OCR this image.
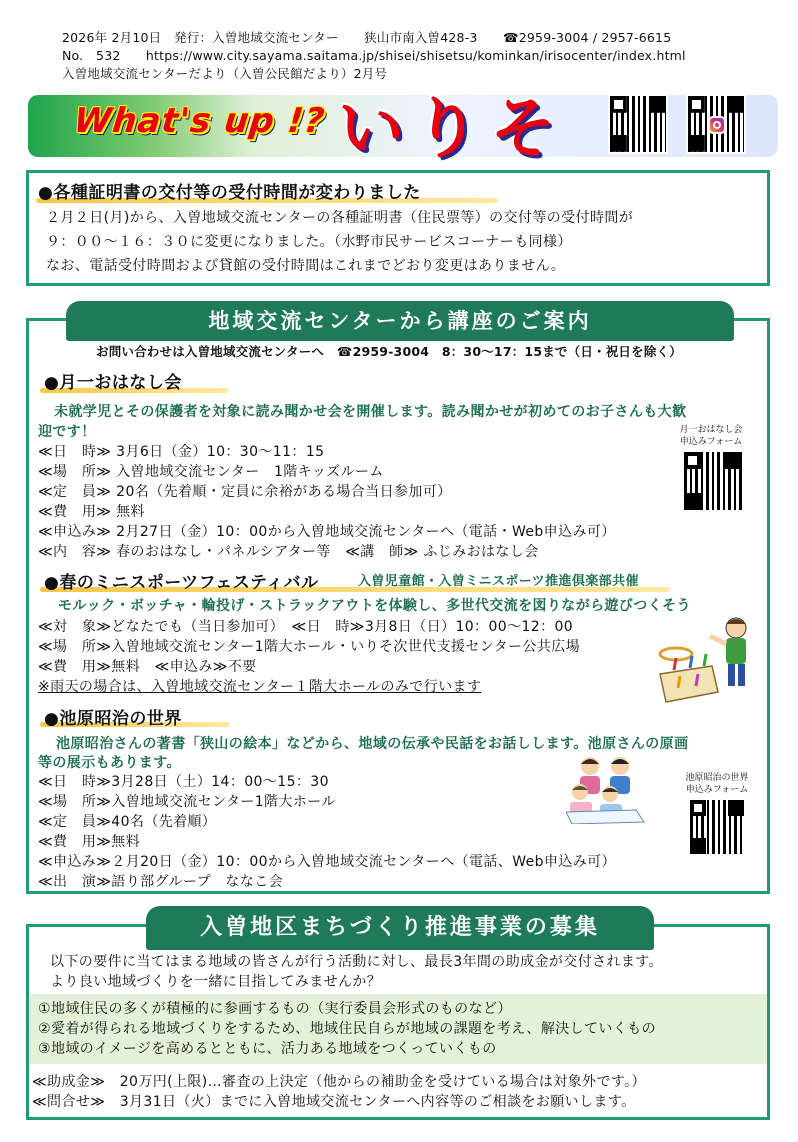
2026年 2月10日　発行：入曽地域交流センター　　狭山市南入曽428-3　　☎2959-3004 / 2957-6615
No.　532　　https://www.city.sayama.saitama.jp/shisei/shisetsu/kominkan/irisocenter/index.html
入曽地域交流センターだより（入曽公民館だより）2月号
What's up !? いりそ
●各種証明書の交付等の受付時間が変わりました
２月２日(月)から、入曽地域交流センターの各種証明書（住民票等）の交付等の受付時間が
９：００～１６：３０に変更になりました。（水野市民サービスコーナーも同様）
なお、電話受付時間および貸館の受付時間はこれまでどおり変更はありません。
地域交流センターから講座のご案内
お問い合わせは入曽地域交流センターへ　☎2959-3004　8：30～17：15まで（日・祝日を除く）
●月一おはなし会
未就学児とその保護者を対象に読み聞かせ会を開催します。読み聞かせが初めてのお子さんも大歓
迎です！	月一おはなし会
申込みフォーム
≪日　時≫ 3月6日（金）10：30～11：15
≪場　所≫ 入曽地域交流センター　1階キッズルーム
≪定　員≫ 20名（先着順・定員に余裕がある場合当日参加可）
≪費　用≫ 無料
≪申込み≫ 2月27日（金）10：00から入曽地域交流センターへ（電話・Web申込み可）
≪内　容≫ 春のおはなし・パネルシアター等　≪講　師≫ ふじみおはなし会
●春のミニスポーツフェスティバル	入曽児童館・入曽ミニスポーツ推進倶楽部共催
モルック・ボッチャ・輪投げ・ストラックアウトを体験し、多世代交流を図りながら遊びつくそう
≪対　象≫どなたでも（当日参加可）　≪日　時≫3月8日（日）10：00～12：00
≪場　所≫入曽地域交流センター1階大ホール・いりそ次世代支援センター公共広場
≪費　用≫無料　≪申込み≫不要
※雨天の場合は、入曽地域交流センター１階大ホールのみで行います
●池原昭治の世界
池原昭治さんの著書「狭山の絵本」などから、地域の伝承や民話をお話しします。池原さんの原画
等の展示もあります。
≪日　時≫3月28日（土）14：00～15：30
≪場　所≫入曽地域交流センター1階大ホール
≪定　員≫40名（先着順）
≪費　用≫無料
≪申込み≫２月20日（金）10：00から入曽地域交流センターへ（電話、Web申込み可）
≪出　演≫語り部グループ　ななこ会
池原昭治の世界
申込みフォーム
入曽地区まちづくり推進事業の募集
以下の要件に当てはまる地域の皆さんが行う活動に対し、最長3年間の助成金が交付されます。
より良い地域づくりを一緒に目指してみませんか？
①地域住民の多くが積極的に参画するもの（実行委員会形式のものなど）
②愛着が得られる地域づくりをするため、地域住民自らが地域の課題を考え、解決していくもの
③地域のイメージを高めるとともに、活力ある地域をつくっていくもの
≪助成金≫　20万円(上限)…審査の上決定（他からの補助金を受けている場合は対象外です。）
≪問合せ≫　3月31日（火）までに入曽地域交流センターへ内容等のご相談をお願いします。
